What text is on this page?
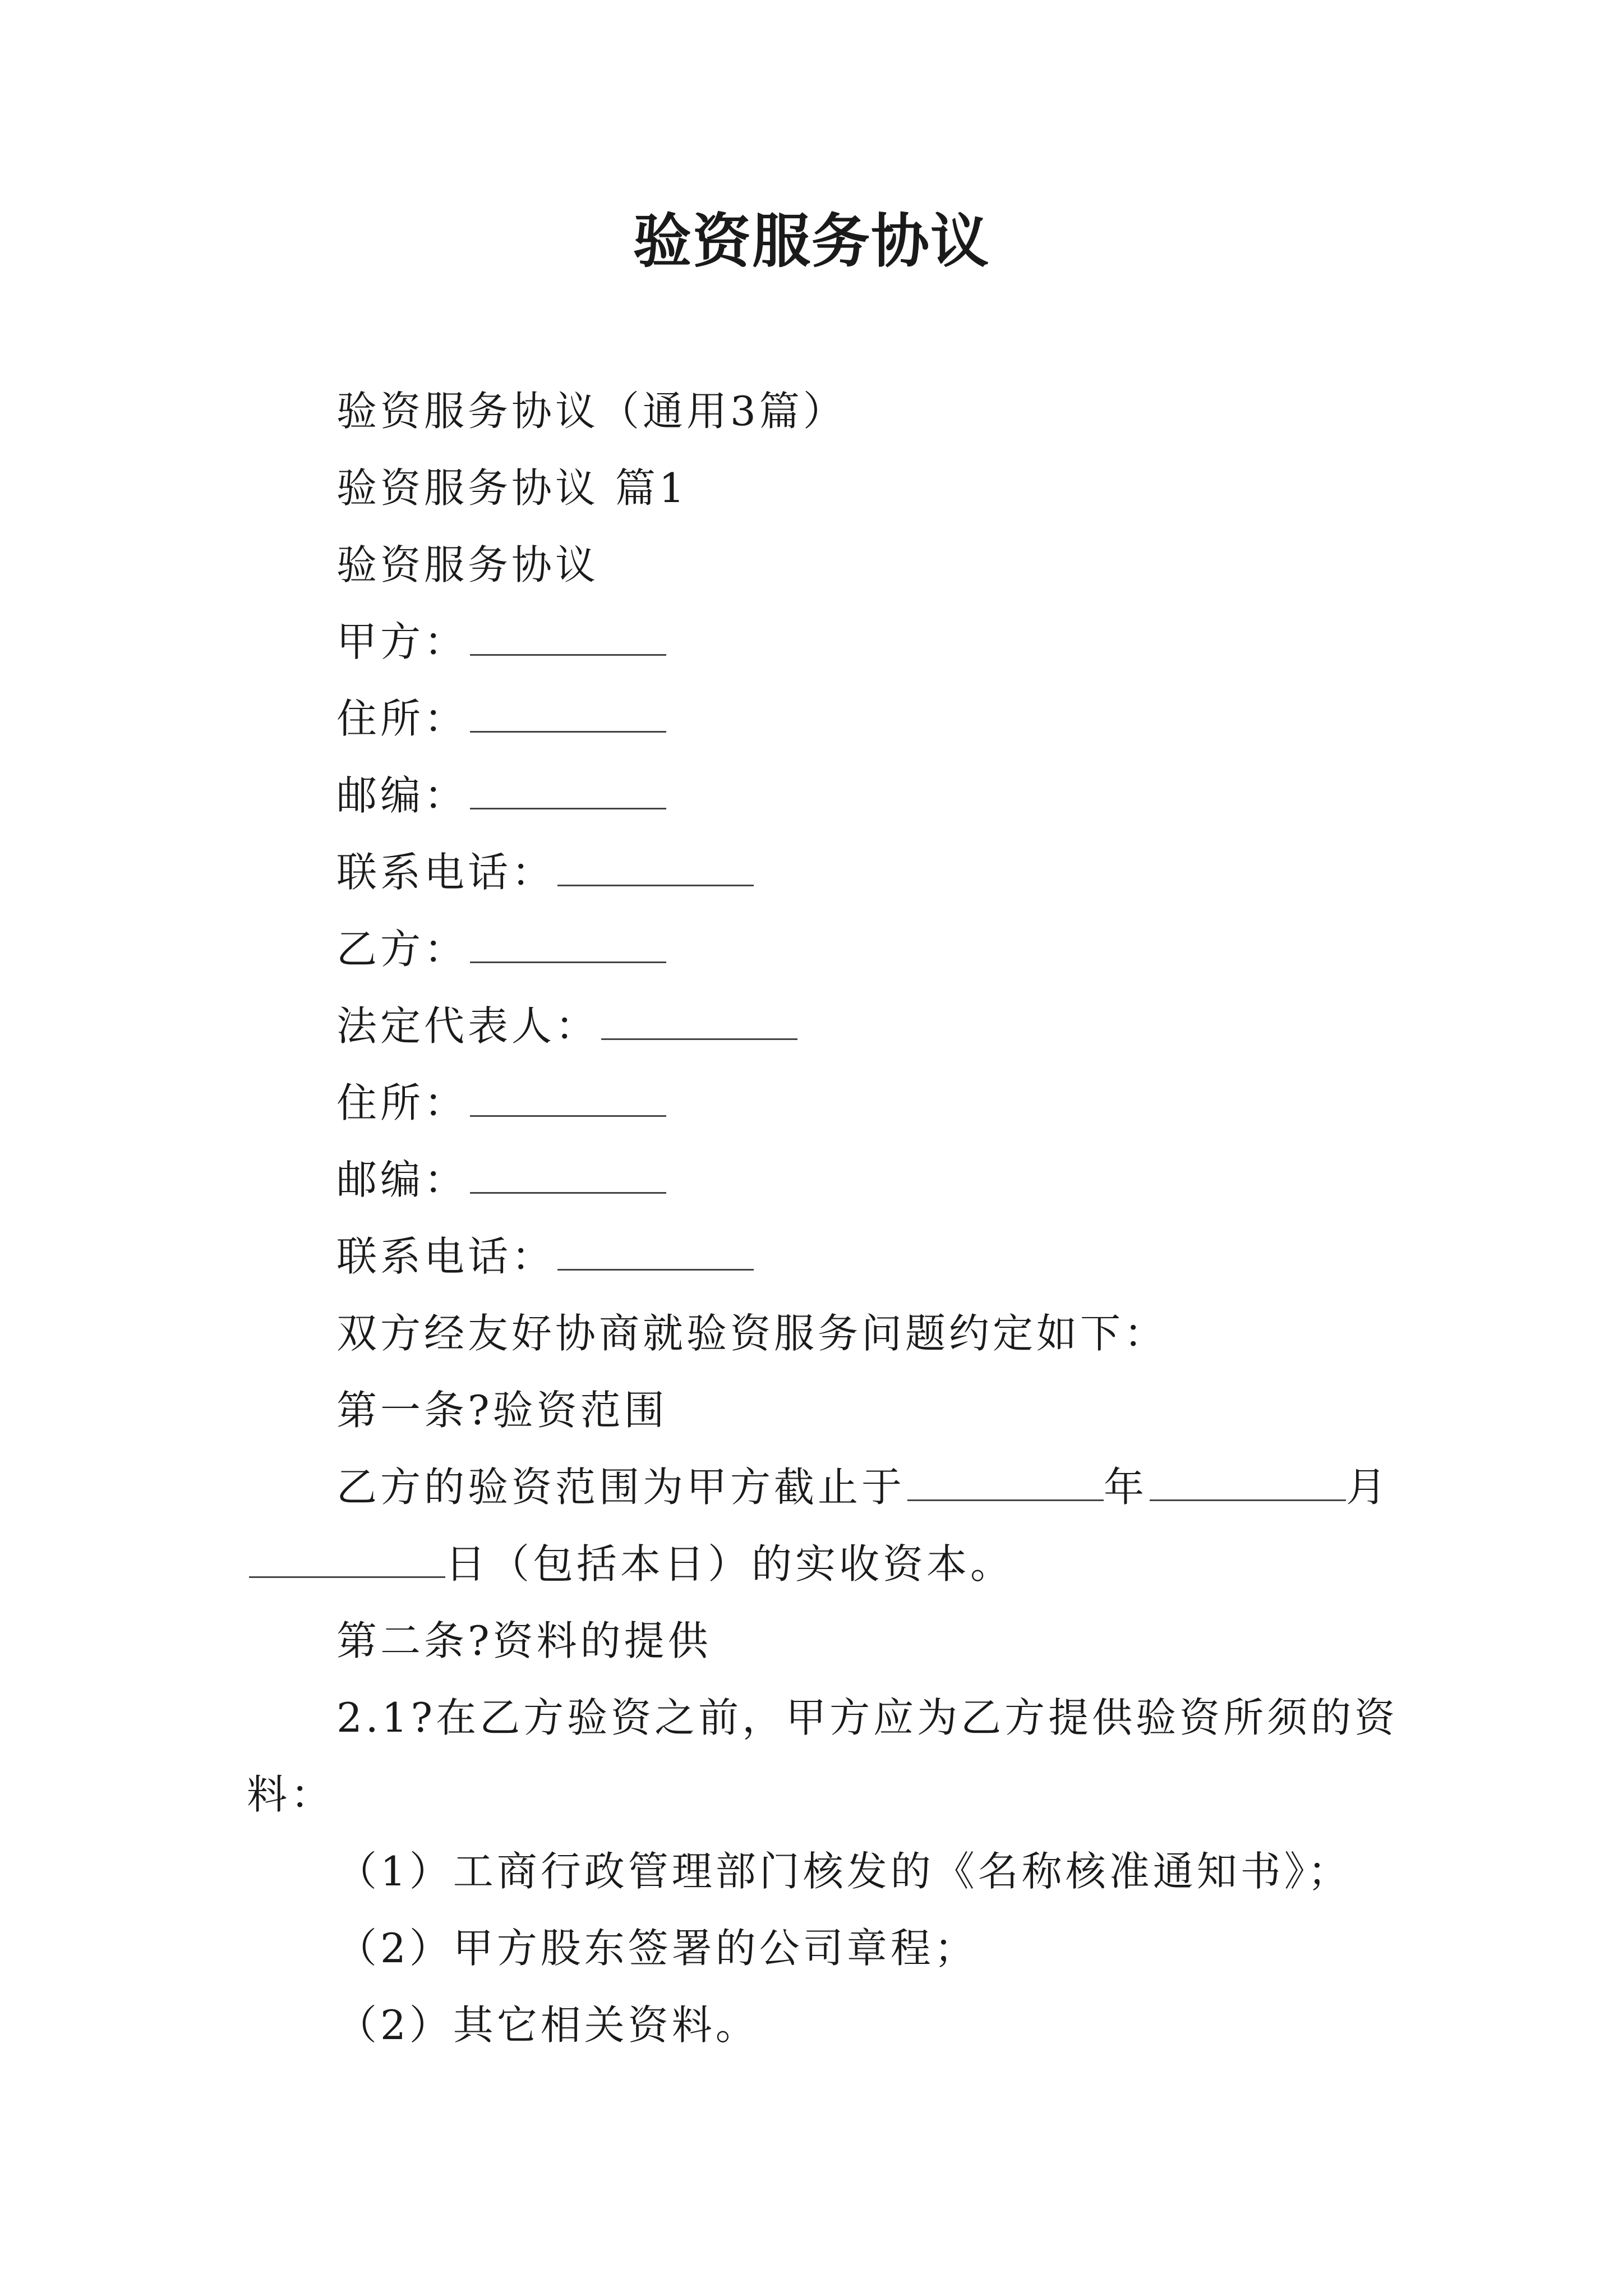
验资服务协议
验资服务协议（通用3篇）
验资服务协议 篇1
验资服务协议
甲方：
住所：
邮编：
联系电话：
乙方：
法定代表人：
住所：
邮编：
联系电话：
双方经友好协商就验资服务问题约定如下：
第一条?验资范围
乙方的验资范围为甲方截止于	年	月
日（包括本日）的实收资本。
第二条?资料的提供
2.1?在乙方验资之前，甲方应为乙方提供验资所须的资
料：
（1）工商行政管理部门核发的《名称核准通知书》；
（2）甲方股东签署的公司章程；
（2）其它相关资料。
